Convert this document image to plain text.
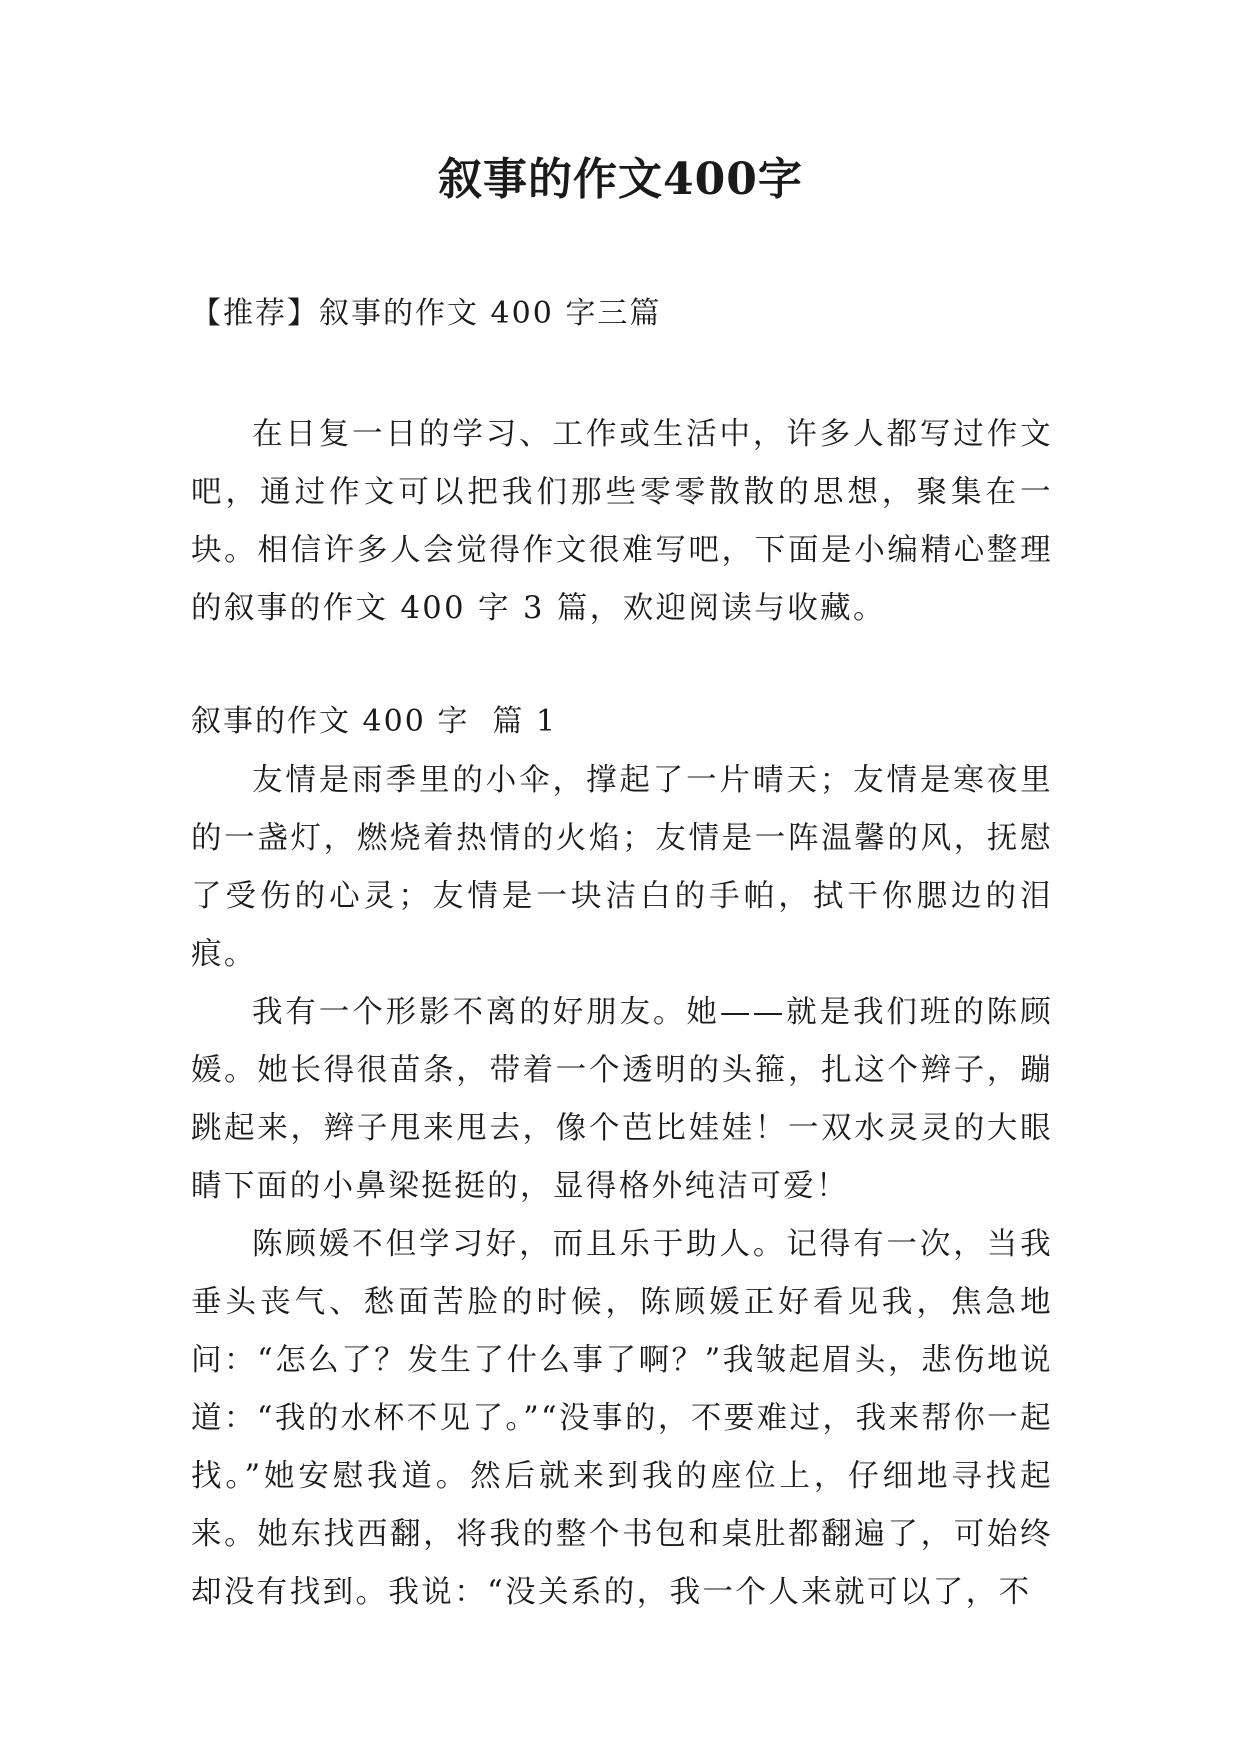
叙事的作文400字

【推荐】叙事的作文 400 字三篇

在日复一日的学习、工作或生活中，许多人都写过作文吧，通过作文可以把我们那些零零散散的思想，聚集在一块。相信许多人会觉得作文很难写吧，下面是小编精心整理的叙事的作文 400 字 3 篇，欢迎阅读与收藏。

叙事的作文 400 字  篇 1

友情是雨季里的小伞，撑起了一片晴天；友情是寒夜里的一盏灯，燃烧着热情的火焰；友情是一阵温馨的风，抚慰了受伤的心灵；友情是一块洁白的手帕，拭干你腮边的泪痕。

我有一个形影不离的好朋友。她——就是我们班的陈顾媛。她长得很苗条，带着一个透明的头箍，扎这个辫子，蹦跳起来，辫子甩来甩去，像个芭比娃娃！一双水灵灵的大眼睛下面的小鼻梁挺挺的，显得格外纯洁可爱！

陈顾媛不但学习好，而且乐于助人。记得有一次，当我垂头丧气、愁面苦脸的时候，陈顾媛正好看见我，焦急地问：“怎么了？发生了什么事了啊？”我皱起眉头，悲伤地说道：“我的水杯不见了。”“没事的，不要难过，我来帮你一起找。”她安慰我道。然后就来到我的座位上，仔细地寻找起来。她东找西翻，将我的整个书包和桌肚都翻遍了，可始终却没有找到。我说：“没关系的，我一个人来就可以了，不
